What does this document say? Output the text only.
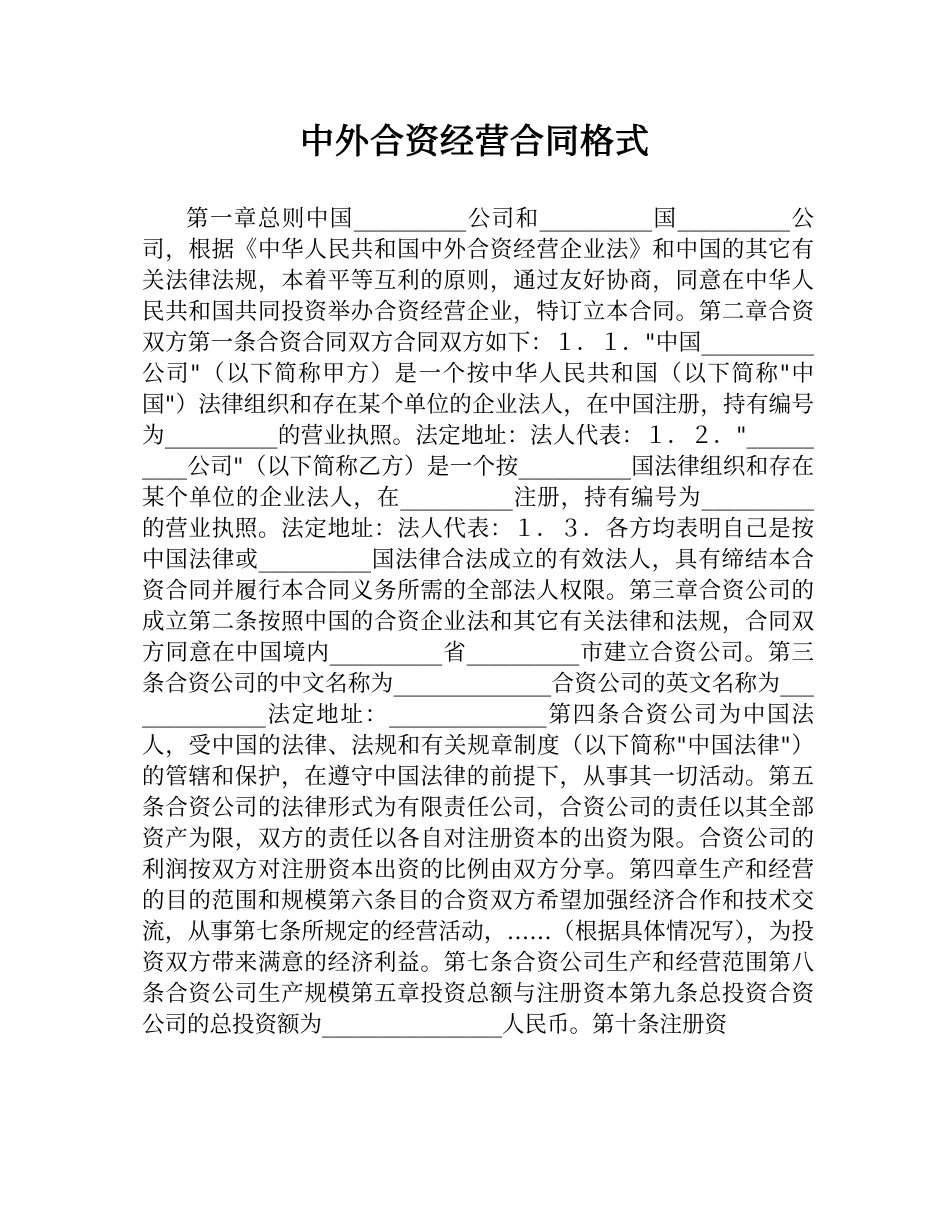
中外合资经营合同格式

第一章总则中国__________公司和__________国__________公司，根据《中华人民共和国中外合资经营企业法》和中国的其它有关法律法规，本着平等互利的原则，通过友好协商，同意在中华人民共和国共同投资举办合资经营企业，特订立本合同。第二章合资双方第一条合资合同双方合同双方如下：１．１．"中国__________公司"（以下简称甲方）是一个按中华人民共和国（以下简称"中国"）法律组织和存在某个单位的企业法人，在中国注册，持有编号为__________的营业执照。法定地址：法人代表：１．２．"__________公司"（以下简称乙方）是一个按__________国法律组织和存在某个单位的企业法人，在__________注册，持有编号为__________的营业执照。法定地址：法人代表：１．３．各方均表明自己是按中国法律或__________国法律合法成立的有效法人，具有缔结本合资合同并履行本合同义务所需的全部法人权限。第三章合资公司的成立第二条按照中国的合资企业法和其它有关法律和法规，合同双方同意在中国境内__________省__________市建立合资公司。第三条合资公司的中文名称为______________合资公司的英文名称为______________法定地址：______________第四条合资公司为中国法人，受中国的法律、法规和有关规章制度（以下简称"中国法律"）的管辖和保护，在遵守中国法律的前提下，从事其一切活动。第五条合资公司的法律形式为有限责任公司，合资公司的责任以其全部资产为限，双方的责任以各自对注册资本的出资为限。合资公司的利润按双方对注册资本出资的比例由双方分享。第四章生产和经营的目的范围和规模第六条目的合资双方希望加强经济合作和技术交流，从事第七条所规定的经营活动，……（根据具体情况写），为投资双方带来满意的经济利益。第七条合资公司生产和经营范围第八条合资公司生产规模第五章投资总额与注册资本第九条总投资合资公司的总投资额为________________人民币。第十条注册资
